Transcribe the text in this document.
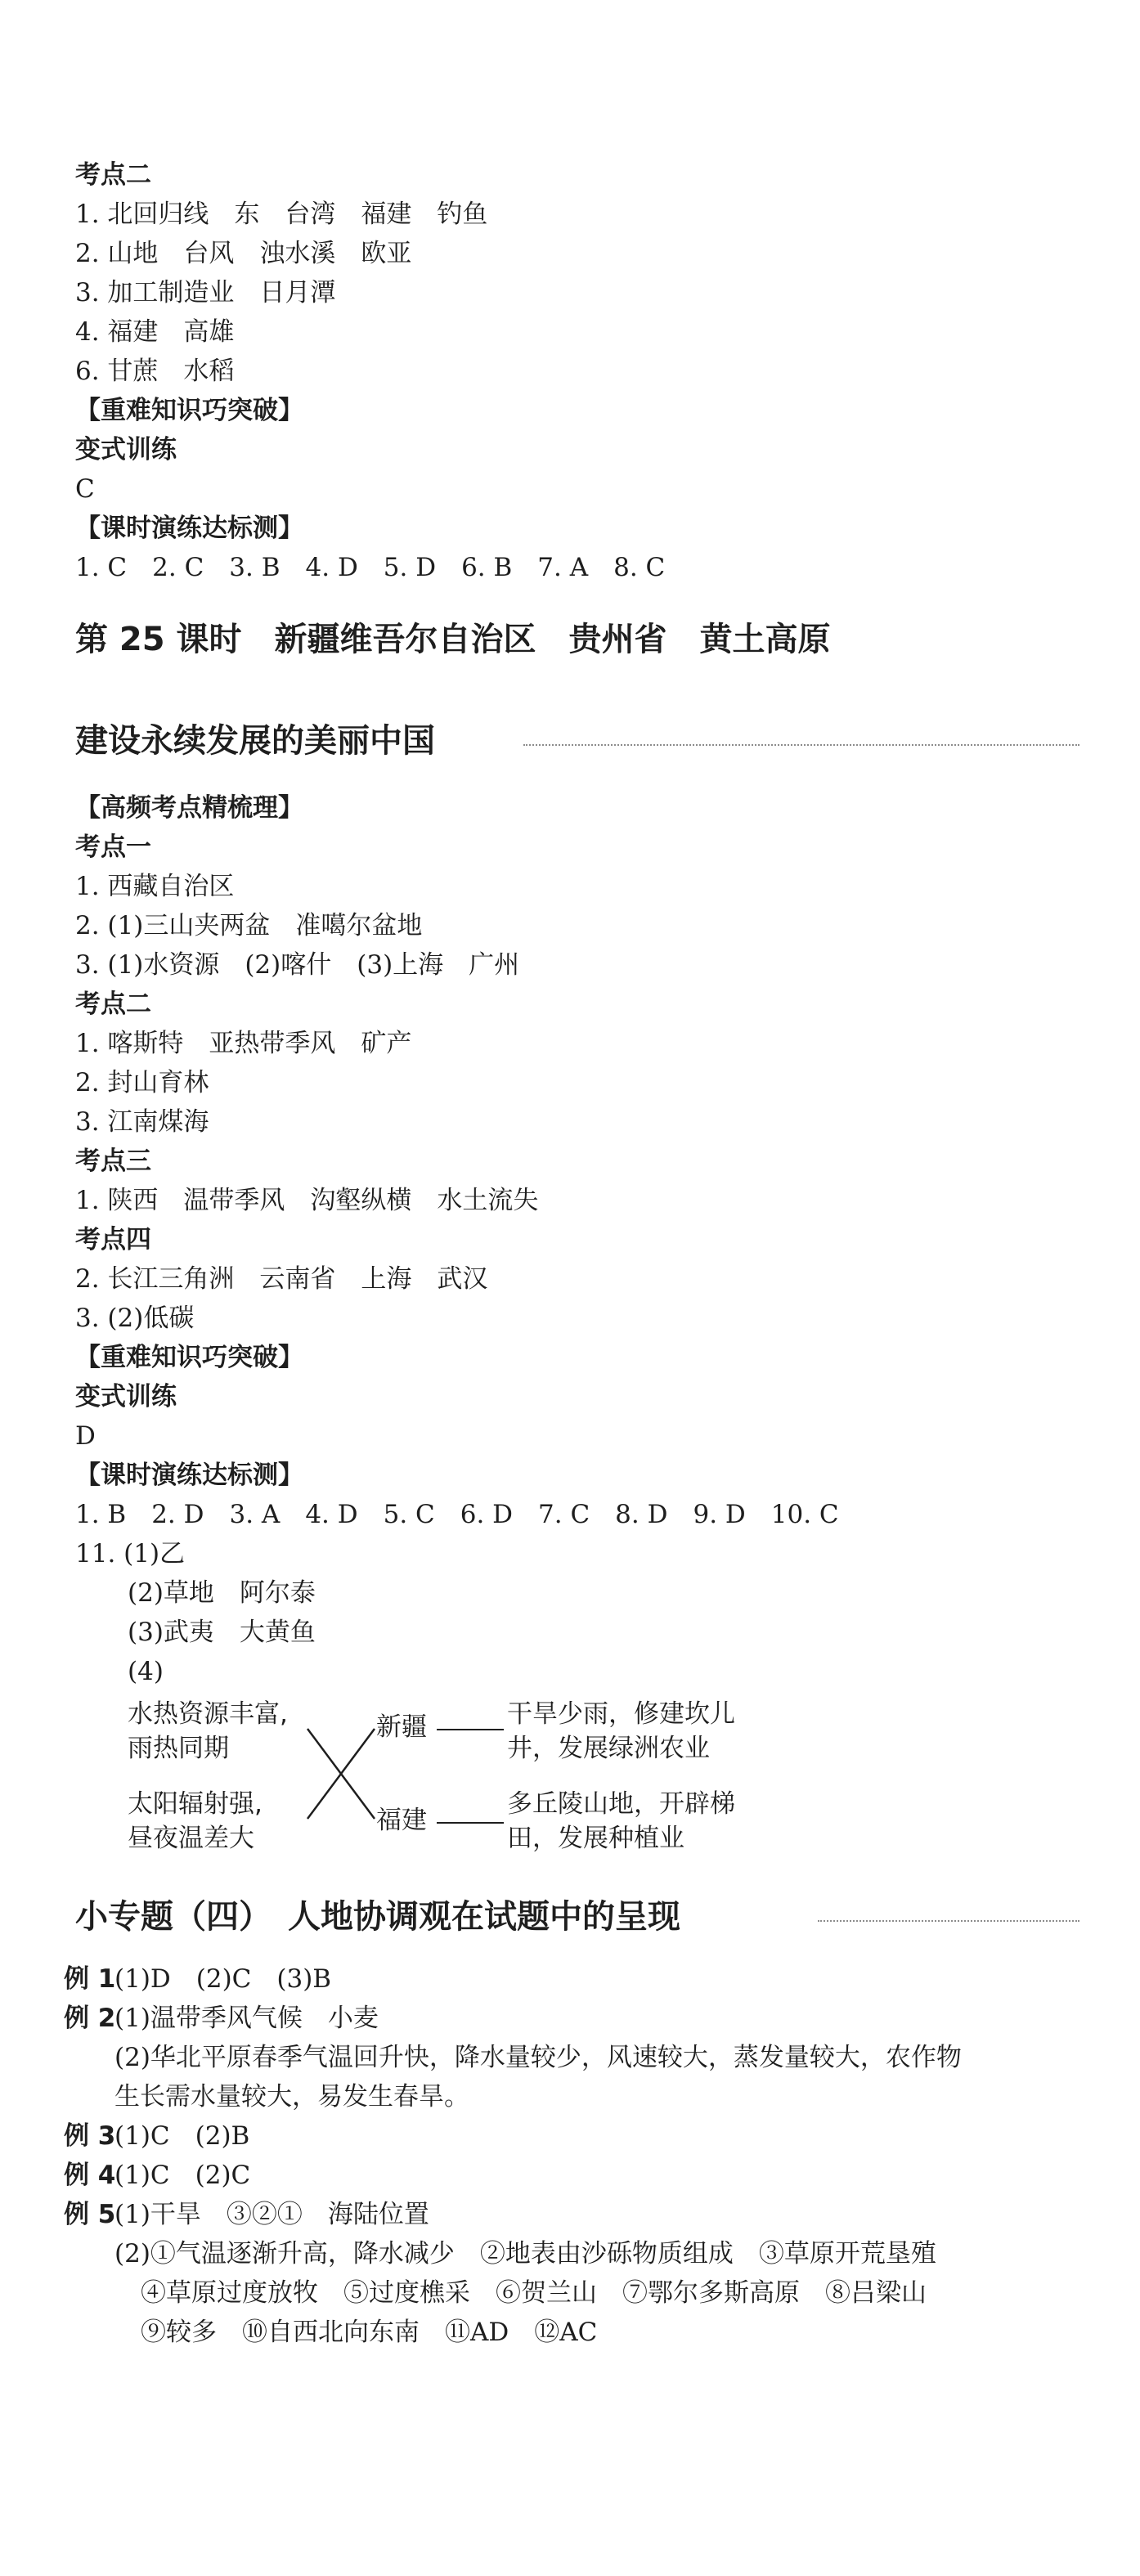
考点二
1. 北回归线　东　台湾　福建　钓鱼
2. 山地　台风　浊水溪　欧亚
3. 加工制造业　日月潭
4. 福建　高雄
6. 甘蔗　水稻
【重难知识巧突破】
变式训练
C
【课时演练达标测】
1. C　2. C　3. B　4. D　5. D　6. B　7. A　8. C
第 25 课时　新疆维吾尔自治区　贵州省　黄土高原
建设永续发展的美丽中国
【高频考点精梳理】
考点一
1. 西藏自治区
2. (1)三山夹两盆　准噶尔盆地
3. (1)水资源　(2)喀什　(3)上海　广州
考点二
1. 喀斯特　亚热带季风　矿产
2. 封山育林
3. 江南煤海
考点三
1. 陕西　温带季风　沟壑纵横　水土流失
考点四
2. 长江三角洲　云南省　上海　武汉
3. (2)低碳
【重难知识巧突破】
变式训练
D
【课时演练达标测】
1. B　2. D　3. A　4. D　5. C　6. D　7. C　8. D　9. D　10. C
11. (1)乙
(2)草地　阿尔泰
(3)武夷　大黄鱼
(4)
水热资源丰富,
雨热同期
太阳辐射强,
昼夜温差大
新疆
福建
干旱少雨，修建坎儿
井，发展绿洲农业
多丘陵山地，开辟梯
田，发展种植业
小专题（四）　人地协调观在试题中的呈现
例 1(1)D　(2)C　(3)B
例 2(1)温带季风气候　小麦
(2)华北平原春季气温回升快，降水量较少，风速较大，蒸发量较大，农作物
生长需水量较大，易发生春旱。
例 3(1)C　(2)B
例 4(1)C　(2)C
例 5(1)干旱　③②①　海陆位置
(2)①气温逐渐升高，降水减少　②地表由沙砾物质组成　③草原开荒垦殖
④草原过度放牧　⑤过度樵采　⑥贺兰山　⑦鄂尔多斯高原　⑧吕梁山
⑨较多　⑩自西北向东南　⑪AD　⑫AC
